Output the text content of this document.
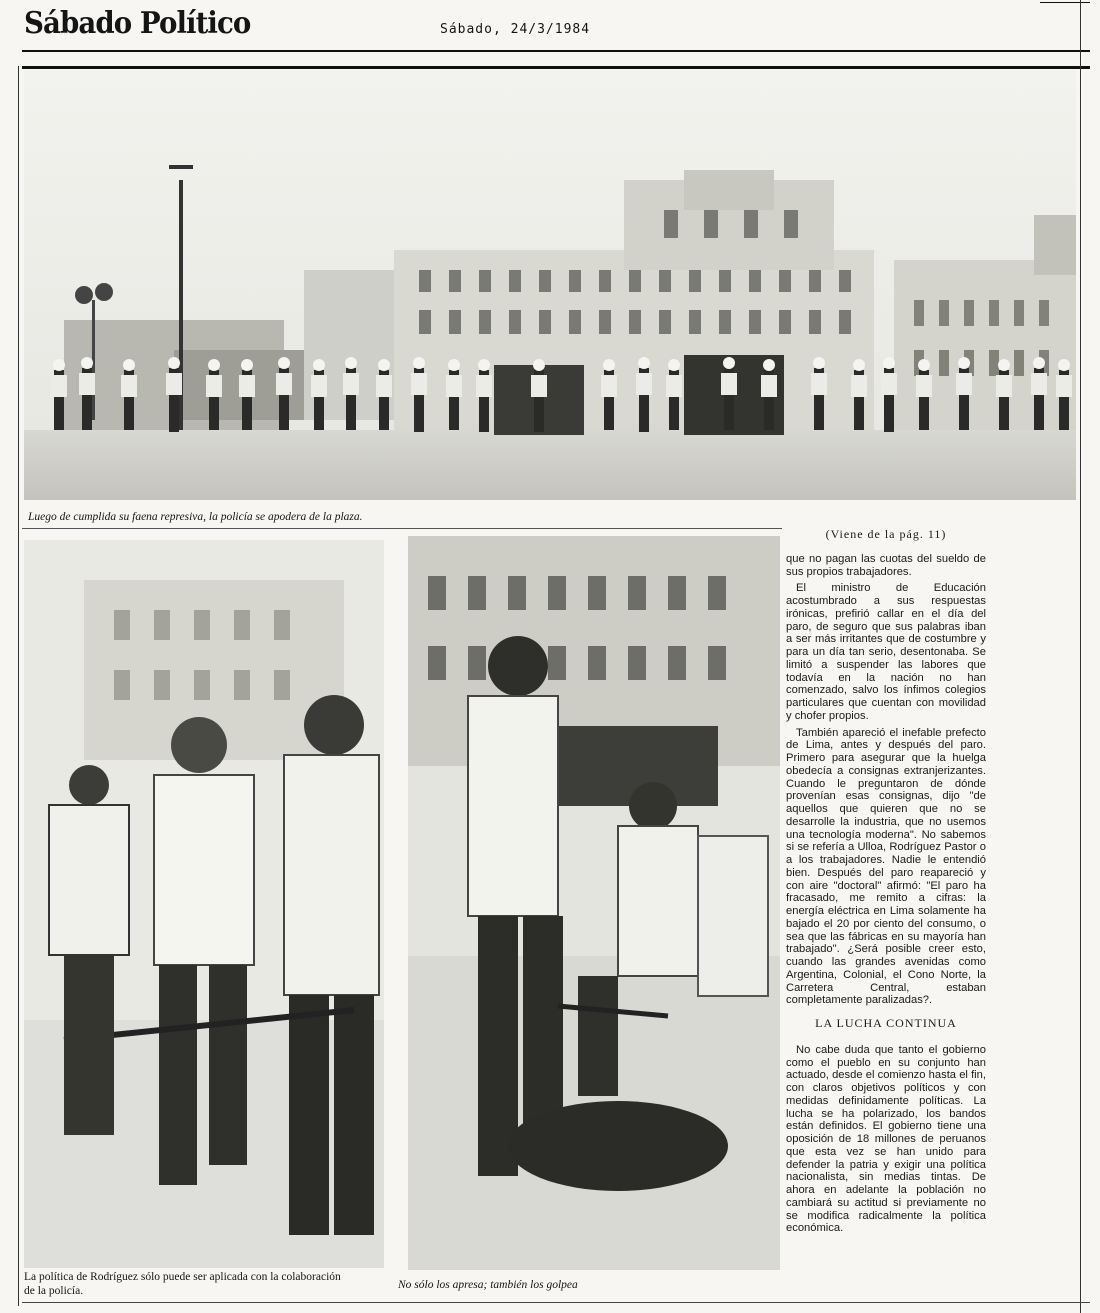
Sábado Político	Sábado, 24/3/1984
Luego de cumplida su faena represiva, la policía se apodera de la plaza.
La política de Rodríguez sólo puede ser aplicada con la colaboración de la policía.	No sólo los apresa; también los golpea
(Viene de la pág. 11)

que no pagan las cuotas del sueldo de sus propios trabajadores.

El ministro de Educación acostumbrado a sus respuestas irónicas, prefirió callar en el día del paro, de seguro que sus palabras iban a ser más irritantes que de costumbre y para un día tan serio, desentonaba. Se limitó a suspender las labores que todavía en la nación no han comenzado, salvo los ínfimos colegios particulares que cuentan con movilidad y chofer propios.

También apareció el inefable prefecto de Lima, antes y después del paro. Primero para asegurar que la huelga obedecía a consignas extranjerizantes. Cuando le preguntaron de dónde provenían esas consignas, dijo "de aquellos que quieren que no se desarrolle la industria, que no usemos una tecnología moderna". No sabemos si se refería a Ulloa, Rodríguez Pastor o a los trabajadores. Nadie le entendió bien. Después del paro reapareció y con aire "doctoral" afirmó: "El paro ha fracasado, me remito a cifras: la energía eléctrica en Lima solamente ha bajado el 20 por ciento del consumo, o sea que las fábricas en su mayoría han trabajado". ¿Será posible creer esto, cuando las grandes avenidas como Argentina, Colonial, el Cono Norte, la Carretera Central, estaban completamente paralizadas?.

LA LUCHA CONTINUA

No cabe duda que tanto el gobierno como el pueblo en su conjunto han actuado, desde el comienzo hasta el fin, con claros objetivos políticos y con medidas definidamente políticas. La lucha se ha polarizado, los bandos están definidos. El gobierno tiene una oposición de 18 millones de peruanos que esta vez se han unido para defender la patria y exigir una política nacionalista, sin medias tintas. De ahora en adelante la población no cambiará su actitud si previamente no se modifica radicalmente la política económica.
